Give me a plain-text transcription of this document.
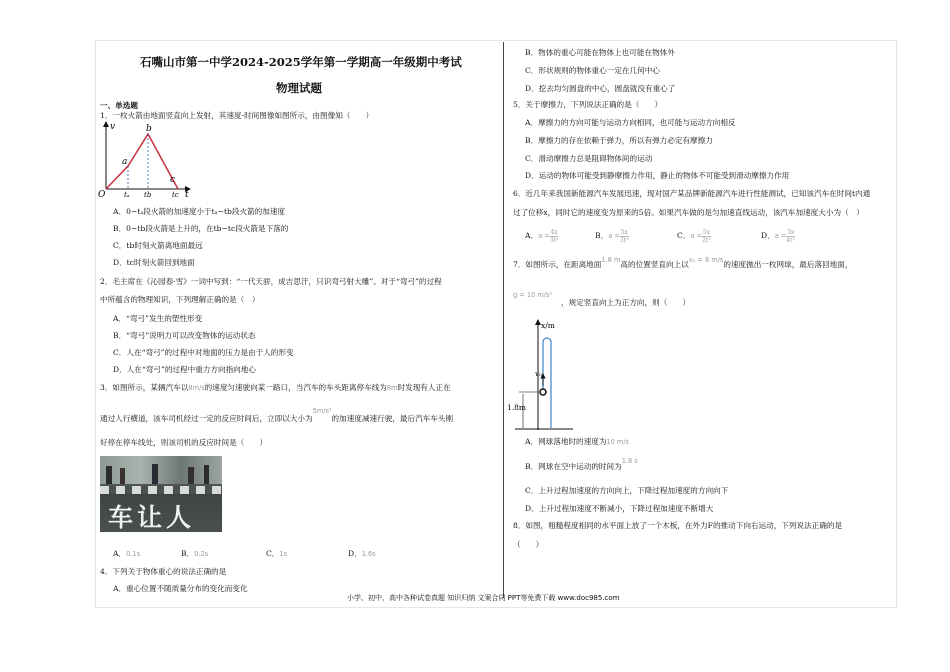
石嘴山市第一中学2024-2025学年第一学期高一年级期中考试
物理试题
一、单选题
1．一枚火箭由地面竖直向上发射，其速度-时间图像如图所示，由图像知（　　）
v
a
b
c
O	tₐ tb	tc t
A．0~tₐ段火箭的加速度小于tₐ~tb段火箭的加速度
B．0~tb段火箭是上升的，在tb~tc段火箭是下落的
C．tb时刻火箭离地面最远
D．tc时刻火箭回到地面
2．毛主席在《沁园春·雪》一词中写到：“一代天骄，成吉思汗，只识弯弓射大雕”。对于“弯弓”的过程
中所蕴含的物理知识，下列理解正确的是（　）
A．“弯弓”发生的塑性形变
B．“弯弓”说明力可以改变物体的运动状态
C．人在“弯弓”的过程中对地面的压力是由于人的形变
D．人在“弯弓”的过程中重力方向指向地心
3．如图所示，某辆汽车以8m/s的速度匀速驶向某一路口，当汽车的车头距离停车线为8m时发现有人正在
通过人行横道，该车司机经过一定的反应时间后，立即以大小为5m/s²的加速度减速行驶，最后汽车车头刚
好停在停车线处，则该司机的反应时间是（　　）
车让人
A．0.1s	B．0.2s	C．1s	D．1.6s
4．下列关于物体重心的说法正确的是
A．重心位置不随质量分布的变化而变化
B．物体的重心可能在物体上也可能在物体外
C．形状规则的物体重心一定在几何中心
D．挖去均匀圆盘的中心，圆盘就没有重心了
5．关于摩擦力，下列说法正确的是（　　）
A．摩擦力的方向可能与运动方向相同，也可能与运动方向相反
B．摩擦力的存在依赖于弹力，所以有弹力必定有摩擦力
C．滑动摩擦力总是阻碍物体间的运动
D．运动的物体可能受到静摩擦力作用，静止的物体不可能受到滑动摩擦力作用
6．近几年来我国新能源汽车发展迅速，现对国产某品牌新能源汽车进行性能测试，已知该汽车在时间t内通
过了位移x，同时它的速度变为原来的5倍。如果汽车做的是匀加速直线运动，该汽车加速度大小为（　）
A．$a = \frac{4x}{\text{3t²}}$	B．$a = \frac{5x}{\text{3t²}}$	C．$a = \frac{5x}{\text{2t²}}$	D．$a = \frac{3x}{\text{4t²}}$
7．如图所示，在距离地面1.8 m高的位置竖直向上以v₀ = 8 m/s的速度抛出一枚网球，最后落回地面，
g = 10 m/s²
，规定竖直向上为正方向，则（　　）
x/m
v₀
1.8m
A．网球落地时的速度为10 m/s
B．网球在空中运动的时间为1.8 s
C．上升过程加速度的方向向上，下降过程加速度的方向向下
D．上升过程加速度不断减小，下降过程加速度不断增大
8．如图，粗糙程度相同的水平面上放了一个木板，在外力F的推动下向右运动，下列说法正确的是
（　　）
小学、初中、高中各种试卷真题 知识归纳 文案合同 PPT等免费下载 www.doc985.com
